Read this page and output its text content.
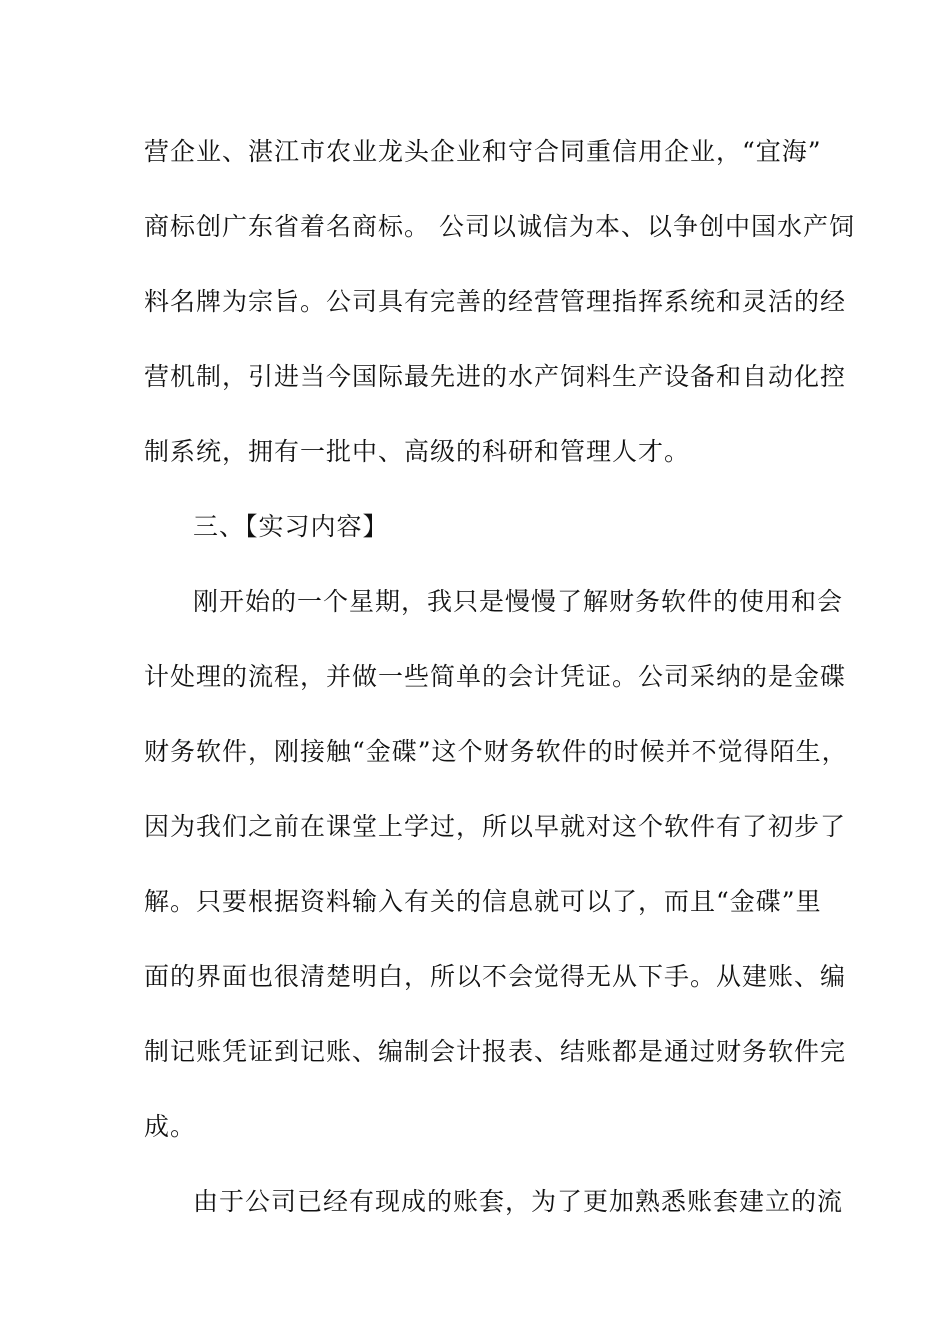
营企业、湛江市农业龙头企业和守合同重信用企业，“宜海”
商标创广东省着名商标。 公司以诚信为本、以争创中国水产饲
料名牌为宗旨。公司具有完善的经营管理指挥系统和灵活的经
营机制，引进当今国际最先进的水产饲料生产设备和自动化控
制系统，拥有一批中、高级的科研和管理人才。
三、【实习内容】
刚开始的一个星期，我只是慢慢了解财务软件的使用和会
计处理的流程，并做一些简单的会计凭证。公司采纳的是金碟
财务软件，刚接触“金碟”这个财务软件的时候并不觉得陌生，
因为我们之前在课堂上学过，所以早就对这个软件有了初步了
解。只要根据资料输入有关的信息就可以了，而且“金碟”里
面的界面也很清楚明白，所以不会觉得无从下手。从建账、编
制记账凭证到记账、编制会计报表、结账都是通过财务软件完
成。
由于公司已经有现成的账套，为了更加熟悉账套建立的流
